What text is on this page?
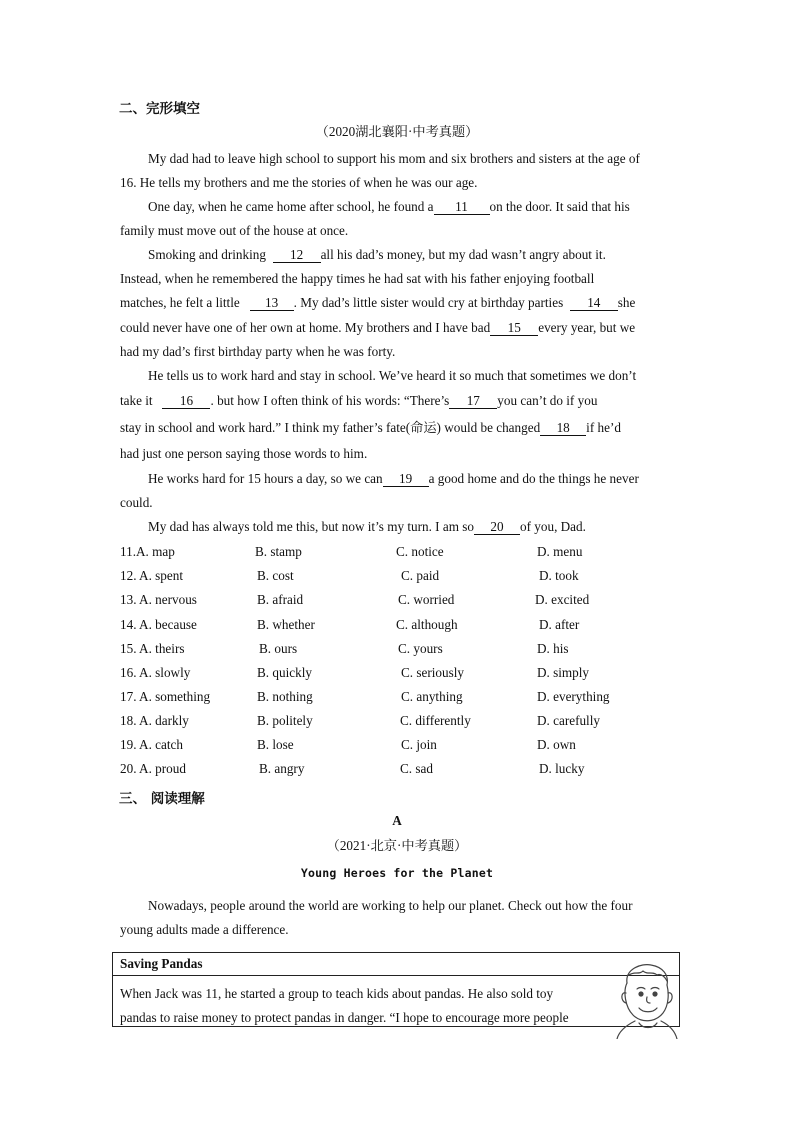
二、完形填空
（2020湖北襄阳·中考真题）
My dad had to leave high school to support his mom and six brothers and sisters at the age of
16. He tells my brothers and me the stories of when he was our age.
One day, when he came home after school, he found a 11 on the door. It said that his
family must move out of the house at once.
Smoking and drinking 12 all his dad’s money, but my dad wasn’t angry about it.
Instead, when he remembered the happy times he had sat with his father enjoying football
matches, he felt a little 13 . My dad’s little sister would cry at birthday parties 14 she
could never have one of her own at home. My brothers and I have bad 15 every year, but we
had my dad’s first birthday party when he was forty.
He tells us to work hard and stay in school. We’ve heard it so much that sometimes we don’t
take it 16 . but how I often think of his words: “There’s 17 you can’t do if you
stay in school and work hard.” I think my father’s fate(命运) would be changed 18 if he’d
had just one person saying those words to him.
He works hard for 15 hours a day, so we can 19 a good home and do the things he never
could.
My dad has always told me this, but now it’s my turn. I am so 20 of you, Dad.
11.A. map	B. stamp	C. notice	D. menu
12. A. spent	B. cost	C. paid	D. took
13. A. nervous	B. afraid	C. worried	D. excited
14. A. because	B. whether	C. although	D. after
15. A. theirs	B. ours	C. yours	D. his
16. A. slowly	B. quickly	C. seriously	D. simply
17. A. something	B. nothing	C. anything	D. everything
18. A. darkly	B. politely	C. differently	D. carefully
19. A. catch	B. lose	C. join	D. own
20. A. proud	B. angry	C. sad	D. lucky
三、 阅读理解
A
（2021·北京·中考真题）
Young Heroes for the Planet
Nowadays, people around the world are working to help our planet. Check out how the four
young adults made a difference.
Saving Pandas
When Jack was 11, he started a group to teach kids about pandas. He also sold toy
pandas to raise money to protect pandas in danger. “I hope to encourage more people
